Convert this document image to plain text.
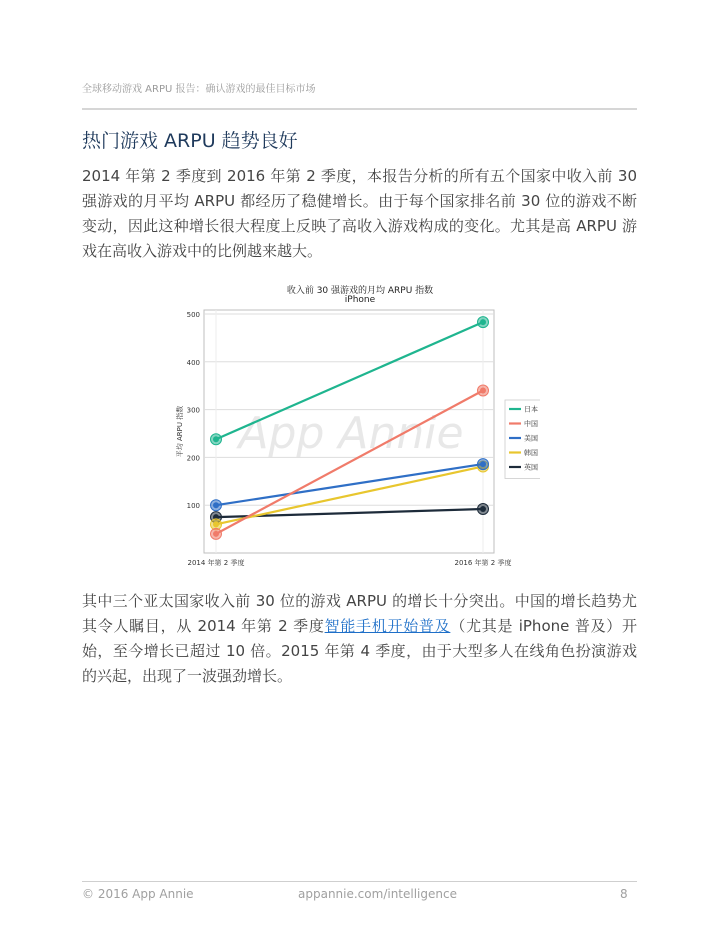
全球移动游戏 ARPU 报告：确认游戏的最佳目标市场
热门游戏 ARPU 趋势良好

2014 年第 2 季度到 2016 年第 2 季度，本报告分析的所有五个国家中收入前 30 强游戏的月平均 ARPU 都经历了稳健增长。由于每个国家排名前 30 位的游戏不断变动，因此这种增长很大程度上反映了高收入游戏构成的变化。尤其是高 ARPU 游戏在高收入游戏中的比例越来越大。

收入前 30 强游戏的月均 ARPU 指数
iPhone
App Annie
100
200
300
400
500
平均 ARPU 指数
2014 年第 2 季度	2016 年第 2 季度
日本
中国
美国
韩国
英国

其中三个亚太国家收入前 30 位的游戏 ARPU 的增长十分突出。中国的增长趋势尤其令人瞩目，从 2014 年第 2 季度智能手机开始普及（尤其是 iPhone 普及）开始，至今增长已超过 10 倍。2015 年第 4 季度，由于大型多人在线角色扮演游戏的兴起，出现了一波强劲增长。

© 2016 App Annie	appannie.com/intelligence	8
